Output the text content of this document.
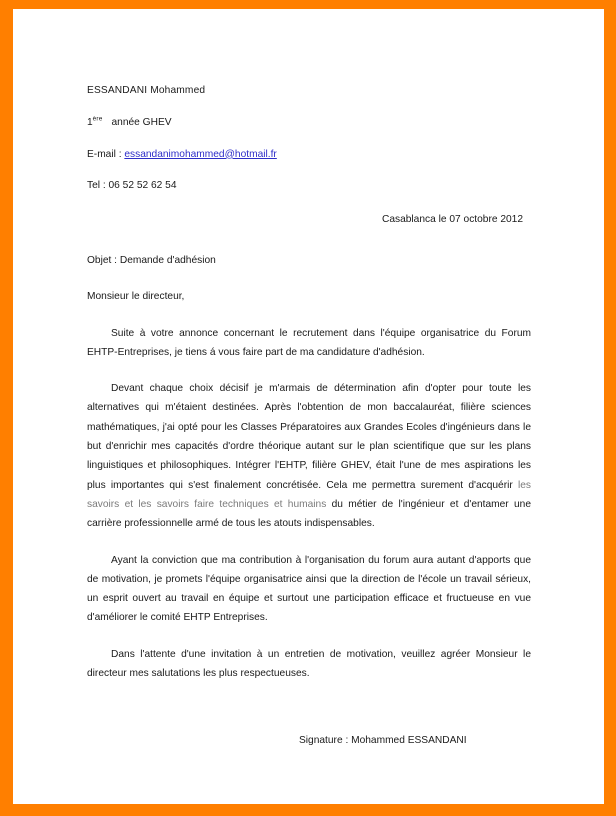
ESSANDANI Mohammed

1ère année GHEV

E-mail : essandanimohammed@hotmail.fr

Tel : 06 52 52 62 54

Casablanca le 07 octobre 2012

Objet : Demande d'adhésion

Monsieur le directeur,

Suite à votre annonce concernant le recrutement dans l'équipe organisatrice du Forum EHTP-Entreprises, je tiens á vous faire part de ma candidature d'adhésion.

Devant chaque choix décisif je m'armais de détermination afin d'opter pour toute les alternatives qui m'étaient destinées. Après l'obtention de mon baccalauréat, filière sciences mathématiques, j'ai opté pour les Classes Préparatoires aux Grandes Ecoles d'ingénieurs dans le but d'enrichir mes capacités d'ordre théorique autant sur le plan scientifique que sur les plans linguistiques et philosophiques. Intégrer l'EHTP, filière GHEV, était l'une de mes aspirations les plus importantes qui s'est finalement concrétisée. Cela me permettra surement d'acquérir les savoirs et les savoirs faire techniques et humains du métier de l'ingénieur et d'entamer une carrière professionnelle armé de tous les atouts indispensables.

Ayant la conviction que ma contribution à l'organisation du forum aura autant d'apports que de motivation, je promets l'équipe organisatrice ainsi que la direction de l'école un travail sérieux, un esprit ouvert au travail en équipe et surtout une participation efficace et fructueuse en vue d'améliorer le comité EHTP Entreprises.

Dans l'attente d'une invitation à un entretien de motivation, veuillez agréer Monsieur le directeur mes salutations les plus respectueuses.

Signature : Mohammed ESSANDANI
